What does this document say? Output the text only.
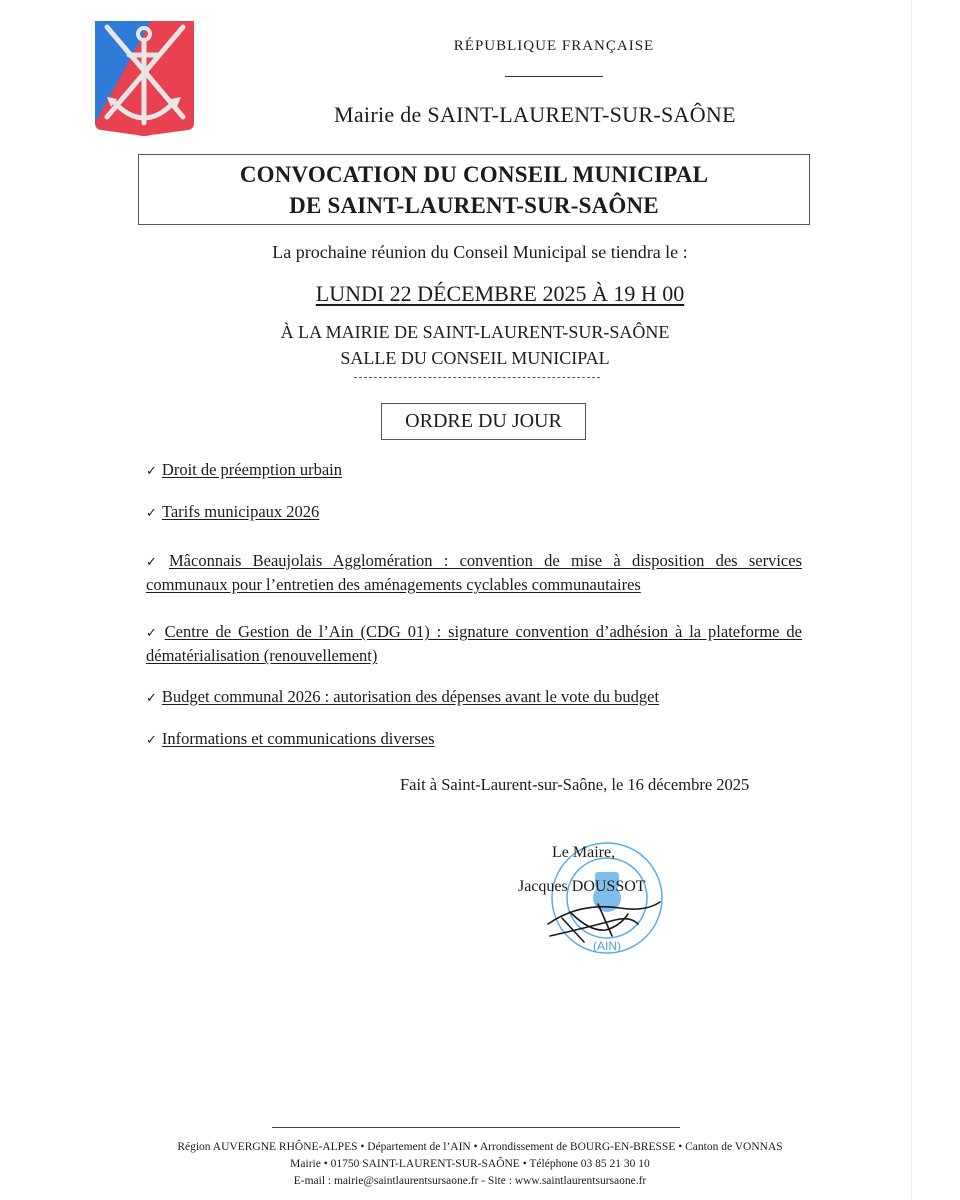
RÉPUBLIQUE FRANÇAISE
Mairie de SAINT-LAURENT-SUR-SAÔNE
CONVOCATION DU CONSEIL MUNICIPAL
DE SAINT-LAURENT-SUR-SAÔNE
La prochaine réunion du Conseil Municipal se tiendra le :
LUNDI 22 DÉCEMBRE 2025 À 19 H 00
À LA MAIRIE DE SAINT-LAURENT-SUR-SAÔNE
SALLE DU CONSEIL MUNICIPAL
ORDRE DU JOUR
✓ Droit de préemption urbain
✓ Tarifs municipaux 2026
✓ Mâconnais Beaujolais Agglomération : convention de mise à disposition des services communaux pour l’entretien des aménagements cyclables communautaires
✓ Centre de Gestion de l’Ain (CDG 01) : signature convention d’adhésion à la plateforme de dématérialisation (renouvellement)
✓ Budget communal 2026 : autorisation des dépenses avant le vote du budget
✓ Informations et communications diverses
Fait à Saint-Laurent-sur-Saône, le 16 décembre 2025
(AIN)
Le Maire,
Jacques DOUSSOT
Région AUVERGNE RHÔNE-ALPES • Département de l’AIN • Arrondissement de BOURG-EN-BRESSE • Canton de VONNAS
Mairie • 01750 SAINT-LAURENT-SUR-SAÔNE • Téléphone 03 85 21 30 10
E-mail : mairie@saintlaurentsursaone.fr - Site : www.saintlaurentsursaone.fr
